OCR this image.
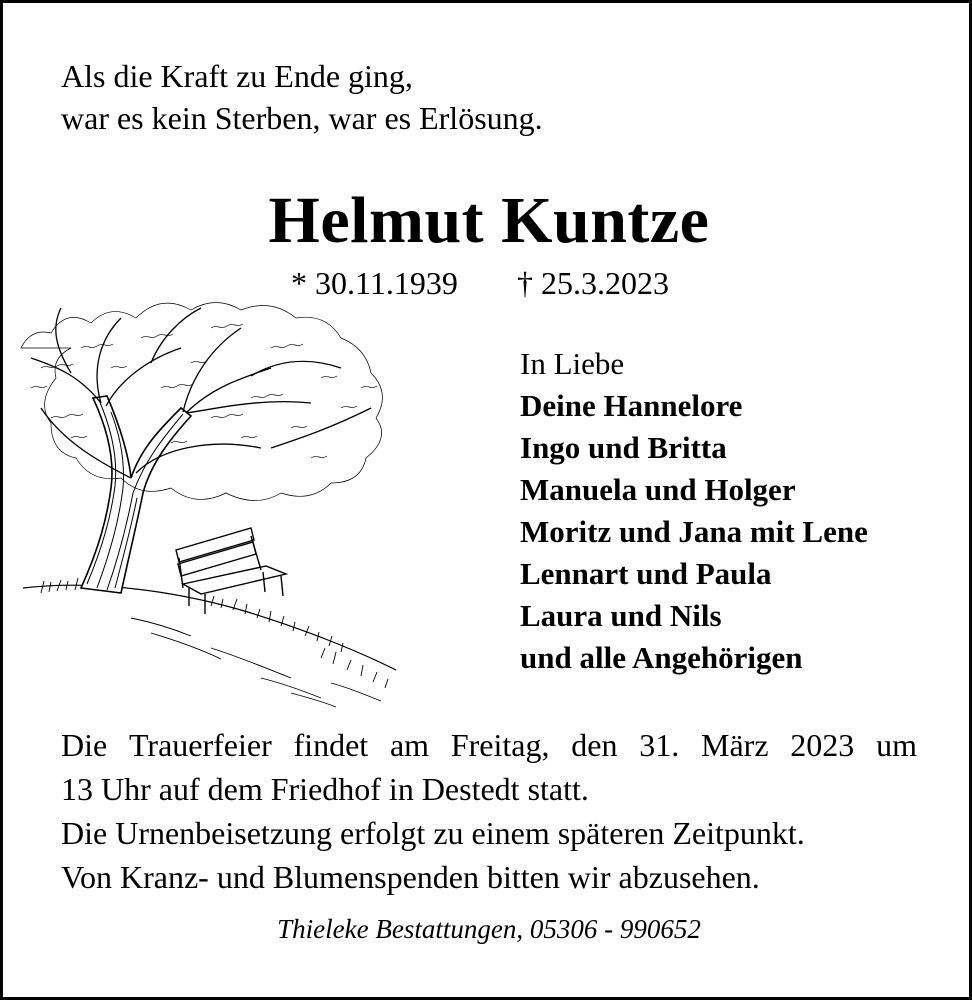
Als die Kraft zu Ende ging,
war es kein Sterben, war es Erlösung.
Helmut Kuntze
* 30.11.1939 † 25.3.2023
In Liebe
Deine Hannelore
Ingo und Britta
Manuela und Holger
Moritz und Jana mit Lene
Lennart und Paula
Laura und Nils
und alle Angehörigen
Die Trauerfeier findet am Freitag, den 31. März 2023 um
13 Uhr auf dem Friedhof in Destedt statt.
Die Urnenbeisetzung erfolgt zu einem späteren Zeitpunkt.
Von Kranz- und Blumenspenden bitten wir abzusehen.
Thieleke Bestattungen, 05306 - 990652
